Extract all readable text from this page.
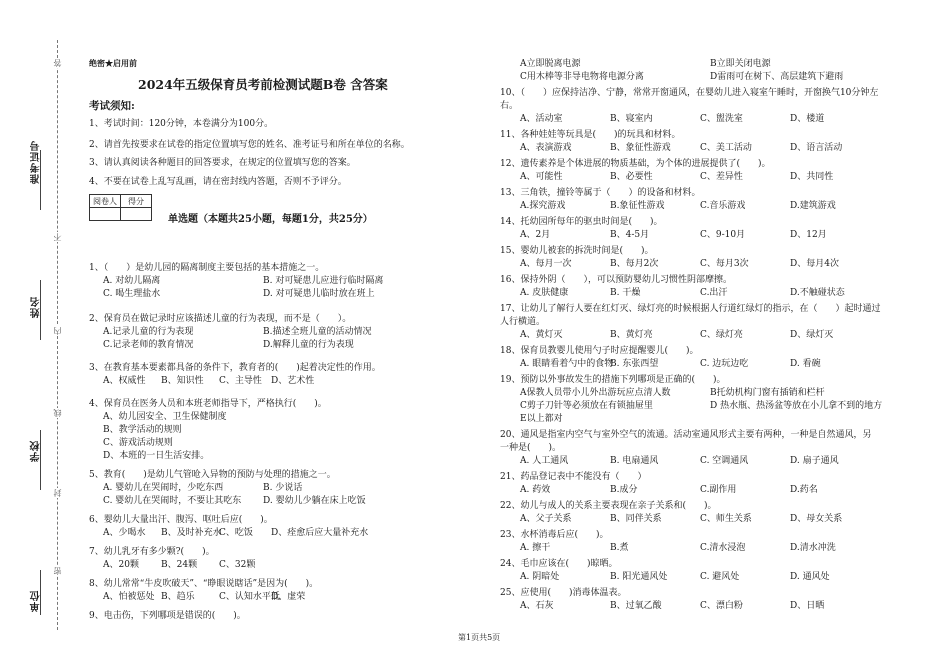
准考证号
姓名
学校
单位
答
不
内
线
封
密
绝密★启用前
2024年五级保育员考前检测试题B卷 含答案
考试须知:
1、考试时间：120分钟，本卷满分为100分。
2、请首先按要求在试卷的指定位置填写您的姓名、准考证号和所在单位的名称。
3、请认真阅读各种题目的回答要求，在规定的位置填写您的答案。
4、不要在试卷上乱写乱画，请在密封线内答题，否则不予评分。
阅卷人	得分

单选题（本题共25小题，每题1分，共25分）
1、（　　）是幼儿园的隔离制度主要包括的基本措施之一。
A. 对幼儿隔离	B. 对可疑患儿应进行临时隔离
C. 喝生理盐水	D. 对可疑患儿临时放在班上
2、保育员在做记录时应该描述儿童的行为表现，而不是（　　）。
A.记录儿童的行为表现	B.描述全班儿童的活动情况
C.记录老师的教育情况	D.解释儿童的行为表现
3、在教育基本要素都具备的条件下，教育者的(　　)起着决定性的作用。
A、权威性 B、知识性 C、主导性 D、艺术性
4、保育员在医务人员和本班老师指导下，严格执行(　　)。
A、幼儿园安全、卫生保健制度
B、教学活动的规则
C、游戏活动规则
D、本班的一日生活安排。
5、教育(　　)是幼儿气管呛入异物的预防与处理的措施之一。
A. 婴幼儿在哭闹时，少吃东西	B. 少说话
C. 婴幼儿在哭闹时，不要让其吃东 D. 婴幼儿少躺在床上吃饭
6、婴幼儿大量出汗、腹泻、呕吐后应(　　)。
A、少喝水 B、及时补充水
C、吃饭 D、痊愈后应大量补充水
7、幼儿乳牙有多少颗?(　　)。
A、20颗 B、24颗 C、32颗
8、幼儿常常“牛皮吹破天”、“睁眼说瞎话”是因为(　　)。
A、怕被惩处 B、趋乐	C、认知水平低
D、虚荣
9、电击伤，下列哪项是错误的(　　)。
A立即脱离电源	B立即关闭电源
C用木棒等非导电物将电源分离	D雷雨可在树下、高层建筑下避雨
10、（　　）应保持洁净、宁静，常常开窗通风，在婴幼儿进入寝室午睡时，开窗换气10分钟左
右。
A、活动室	B、寝室内	C、盥洗室	D、楼道
11、各种娃娃等玩具是(　　)的玩具和材料。
A、表演游戏	B、象征性游戏	C、美工活动	D、语言活动
12、遗传素养是个体进展的物质基础，为个体的进展提供了(　　)。
A、可能性	B、必要性	C、差异性	D、共同性
13、三角铁，撞铃等属于（　　）的设备和材料。
A.探究游戏	B.象征性游戏	C.音乐游戏	D.建筑游戏
14、托幼园所每年的驱虫时间是(　　)。
A、2月	B、4-5月	C、9-10月	D、12月
15、婴幼儿被套的拆洗时间是(　　)。
A、每月一次	B、每月2次	C、每月3次	D、每月4次
16、保持外阴（　　），可以预防婴幼儿习惯性阴部摩擦。
A. 皮肤健康	B. 干燥	C.出汗	D.不触碰状态
17、让幼儿了解行人要在红灯灭、绿灯亮的时候根据人行道红绿灯的指示，在（　　）起时通过
人行横道。
A、黄灯灭	B、黄灯亮	C、绿灯亮	D、绿灯灭
18、保育员教婴儿使用勺子时应提醒婴儿(　　)。
A. 眼睛看着勺中的食物
B. 东张西望	C. 边玩边吃	D. 看碗
19、预防以外事故发生的措施下列哪项是正确的(　　)。
A保教人员带小儿外出游玩应点清人数	B托幼机构门窗有插销和栏杆
C剪子刀针等必须放在有锁抽屉里	D 热水瓶、热汤盆等放在小儿拿不到的地方
E以上都对
20、通风是指室内空气与室外空气的流通。活动室通风形式主要有两种，一种是自然通风，另
一种是(　　)。
A. 人工通风	B. 电扇通风	C. 空调通风	D. 扇子通风
21、药品登记表中不能没有（　　）
A. 药效	B.成分	C.副作用	D.药名
22、幼儿与成人的关系主要表现在亲子关系和(　　)。
A、父子关系	B、同伴关系	C、师生关系	D、母女关系
23、水杯消毒后应(　　)。
A. 擦干	B.煮	C.清水浸泡	D.清水冲洗
24、毛巾应该在(　　)晾晒。
A. 阴暗处	B. 阳光通风处	C. 避风处	D. 通风处
25、应使用(　　)消毒体温表。
A、石灰	B、过氧乙酸	C、漂白粉	D、日晒
第1页共5页
